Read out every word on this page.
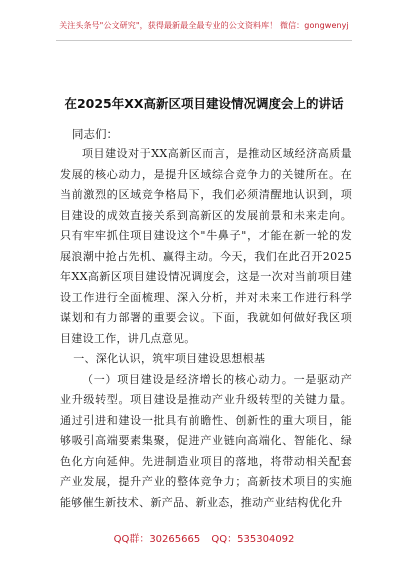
关注头条号"公文研究"，获得最新最全最专业的公文资料库！ 微信：gongwenyj
在2025年XX高新区项目建设情况调度会上的讲话
同志们：

项目建设对于XX高新区而言，是推动区域经济高质量发展的核心动力，是提升区域综合竞争力的关键所在。在当前激烈的区域竞争格局下，我们必须清醒地认识到，项目建设的成效直接关系到高新区的发展前景和未来走向。只有牢牢抓住项目建设这个"牛鼻子"，才能在新一轮的发展浪潮中抢占先机、赢得主动。今天，我们在此召开2025年XX高新区项目建设情况调度会，这是一次对当前项目建设工作进行全面梳理、深入分析，并对未来工作进行科学谋划和有力部署的重要会议。下面，我就如何做好我区项目建设工作，讲几点意见。

一、深化认识，筑牢项目建设思想根基

（一）项目建设是经济增长的核心动力。一是驱动产业升级转型。项目建设是推动产业升级转型的关键力量。通过引进和建设一批具有前瞻性、创新性的重大项目，能够吸引高端要素集聚，促进产业链向高端化、智能化、绿色化方向延伸。先进制造业项目的落地，将带动相关配套产业发展，提升产业的整体竞争力；高新技术项目的实施能够催生新技术、新产品、新业态，推动产业结构优化升

QQ群：30265665 QQ：535304092
